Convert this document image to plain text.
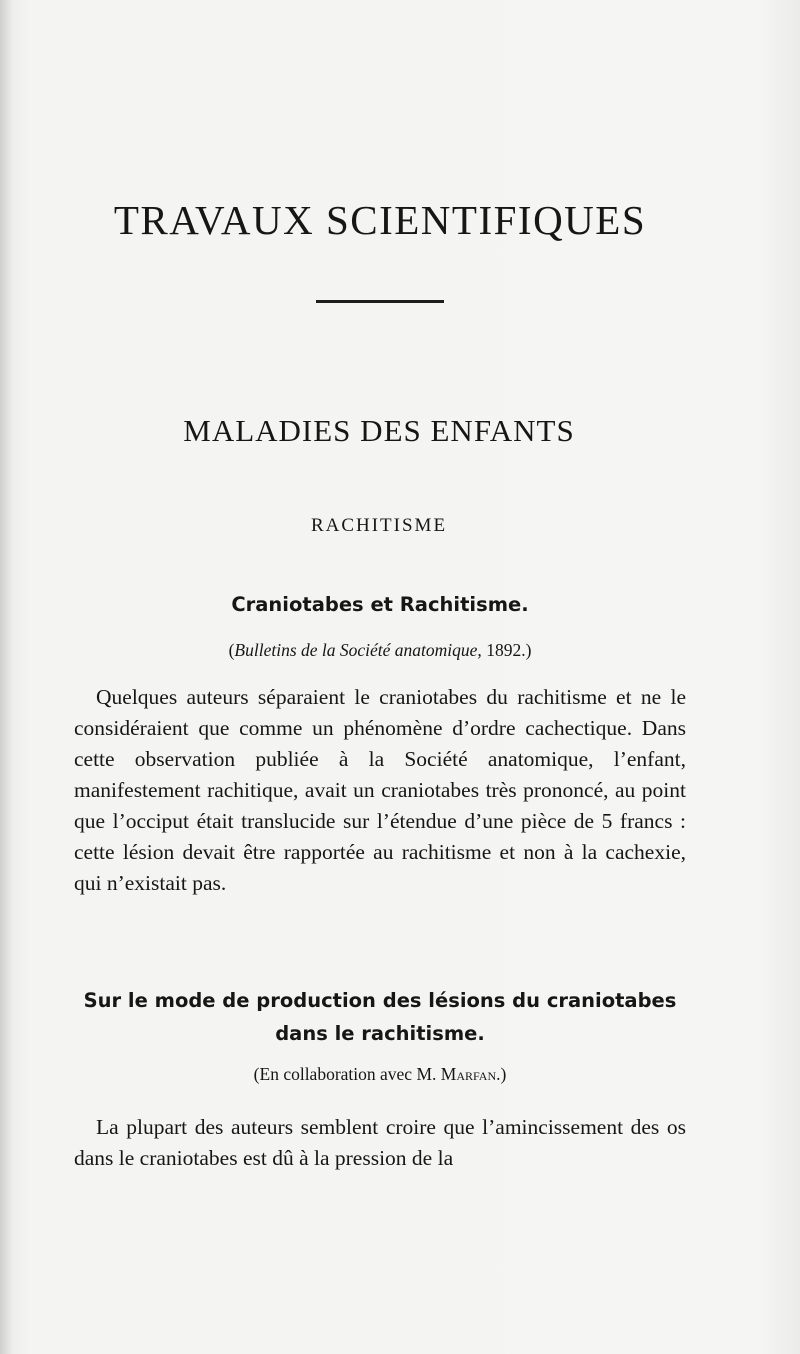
TRAVAUX SCIENTIFIQUES
MALADIES DES ENFANTS
RACHITISME
Craniotabes et Rachitisme.
(Bulletins de la Société anatomique, 1892.)

Quelques auteurs séparaient le craniotabes du rachitisme et ne le considéraient que comme un phénomène d’ordre cachectique. Dans cette observation publiée à la Société anatomique, l’enfant, manifestement rachitique, avait un craniotabes très prononcé, au point que l’occiput était translucide sur l’étendue d’une pièce de 5 francs : cette lésion devait être rapportée au rachitisme et non à la cachexie, qui n’existait pas.

Sur le mode de production des lésions du craniotabes
dans le rachitisme.
(En collaboration avec M. Marfan.)

La plupart des auteurs semblent croire que l’amincissement des os dans le craniotabes est dû à la pression de la
